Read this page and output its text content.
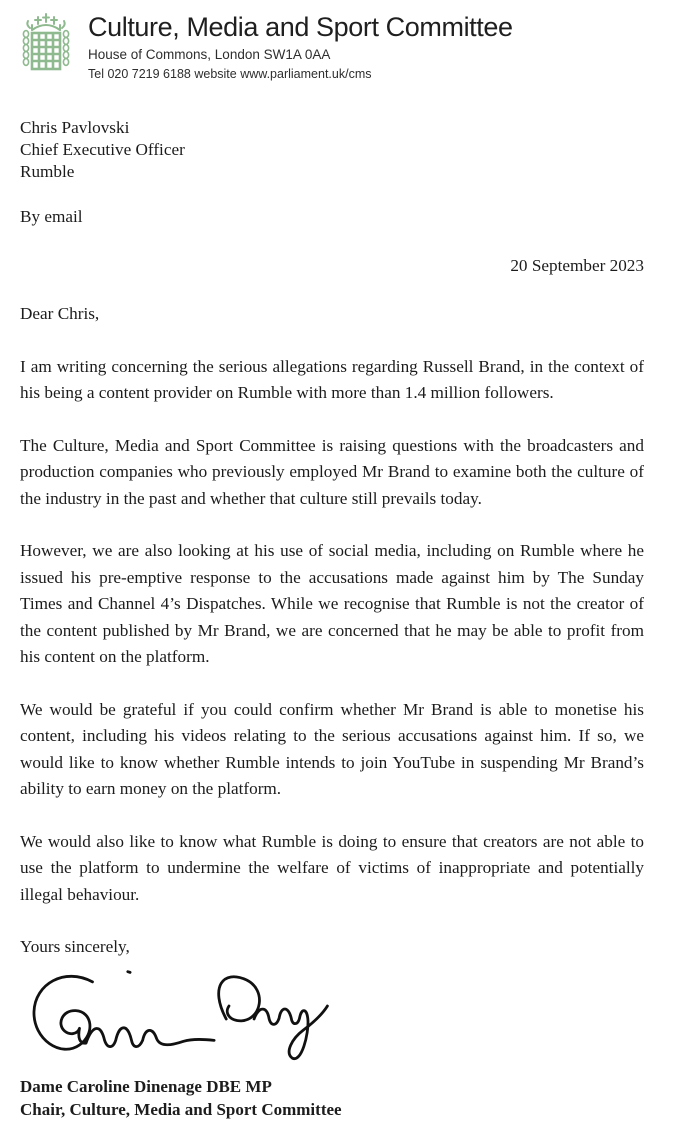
Culture, Media and Sport Committee
House of Commons, London SW1A 0AA
Tel 020 7219 6188 website www.parliament.uk/cms

Chris Pavlovski

Chief Executive Officer

Rumble

By email

20 September 2023

Dear Chris,

I am writing concerning the serious allegations regarding Russell Brand, in the context of his being a content provider on Rumble with more than 1.4 million followers.

The Culture, Media and Sport Committee is raising questions with the broadcasters and production companies who previously employed Mr Brand to examine both the culture of the industry in the past and whether that culture still prevails today.

However, we are also looking at his use of social media, including on Rumble where he issued his pre-emptive response to the accusations made against him by The Sunday Times and Channel 4’s Dispatches. While we recognise that Rumble is not the creator of the content published by Mr Brand, we are concerned that he may be able to profit from his content on the platform.

We would be grateful if you could confirm whether Mr Brand is able to monetise his content, including his videos relating to the serious accusations against him. If so, we would like to know whether Rumble intends to join YouTube in suspending Mr Brand’s ability to earn money on the platform.

We would also like to know what Rumble is doing to ensure that creators are not able to use the platform to undermine the welfare of victims of inappropriate and potentially illegal behaviour.

Yours sincerely,

Dame Caroline Dinenage DBE MP
Chair, Culture, Media and Sport Committee
